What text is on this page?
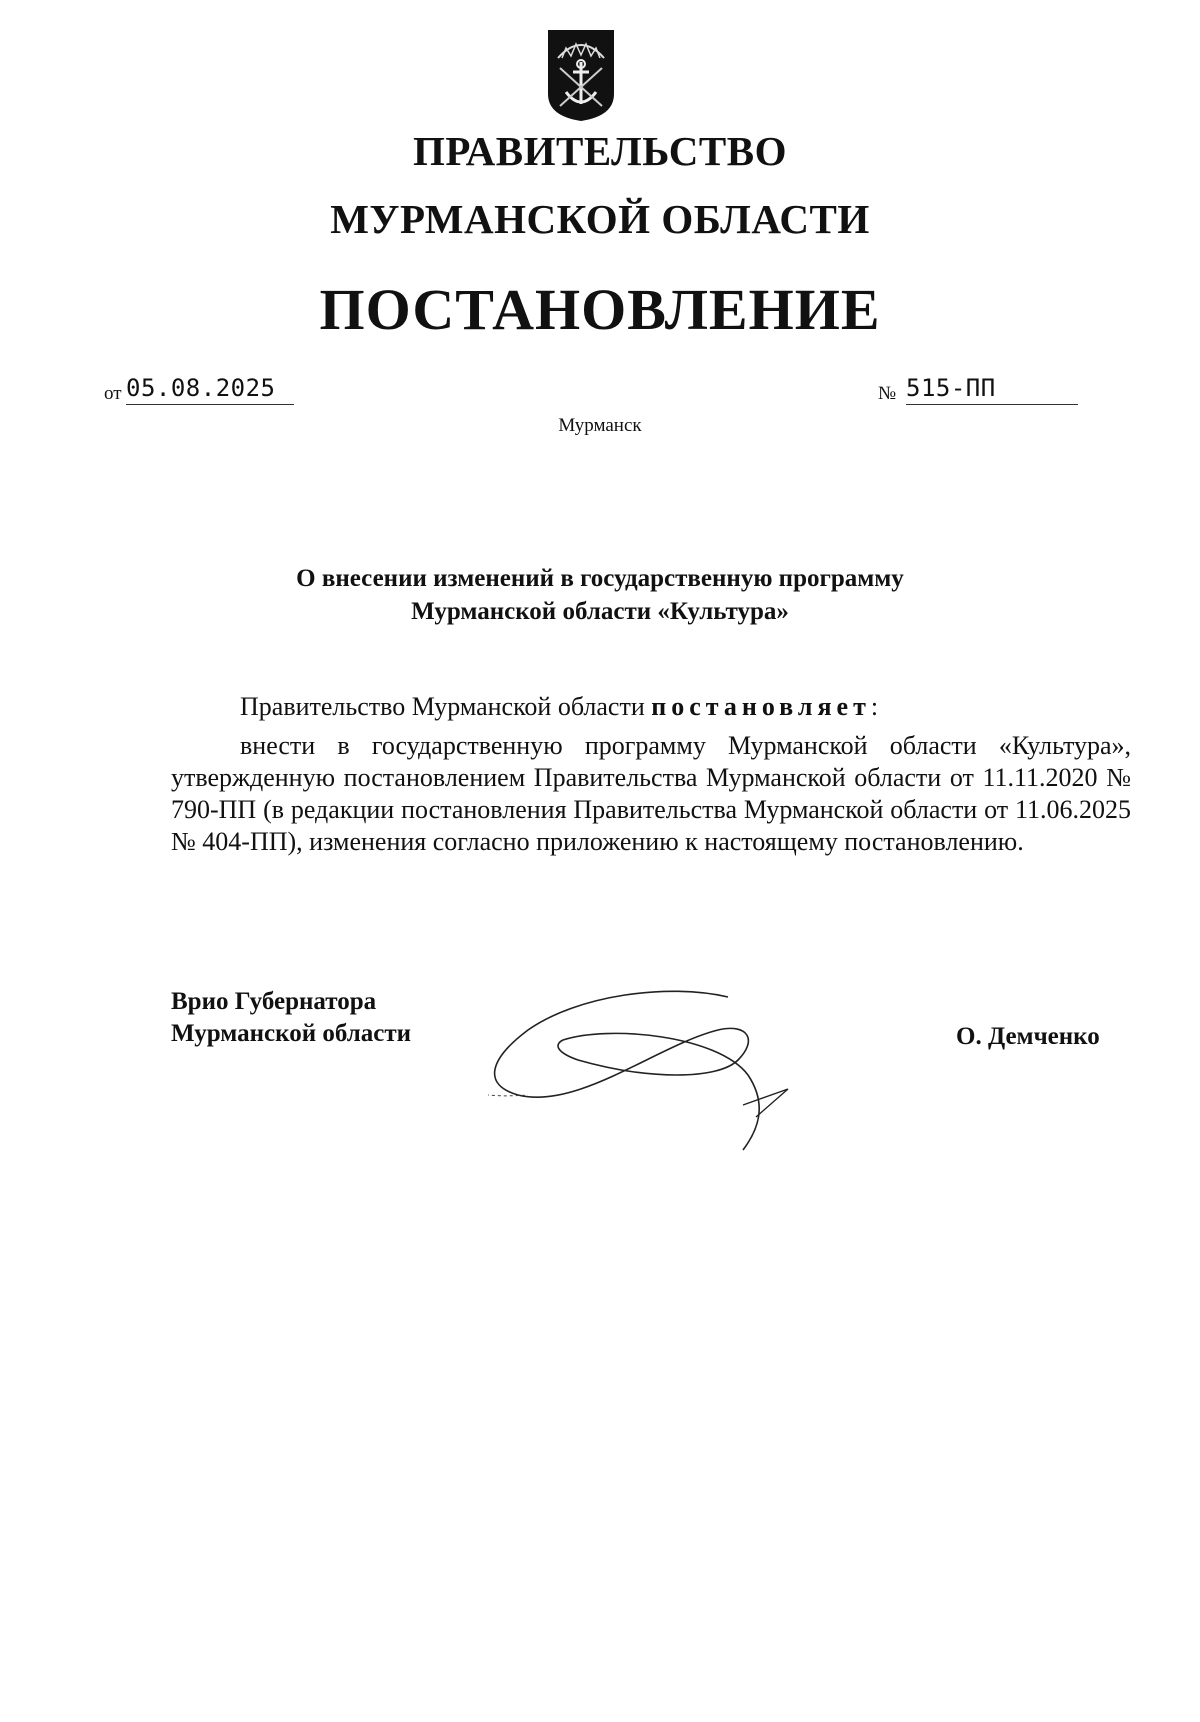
ПРАВИТЕЛЬСТВО
МУРМАНСКОЙ ОБЛАСТИ
ПОСТАНОВЛЕНИЕ
от 05.08.2025	№ 515-ПП
Мурманск
О внесении изменений в государственную программу
Мурманской области «Культура»
Правительство Мурманской области постановляет:
внести в государственную программу Мурманской области «Культура», утвержденную постановлением Правительства Мурманской области от 11.11.2020 № 790-ПП (в редакции постановления Правительства Мурманской области от 11.06.2025 № 404-ПП), изменения согласно приложению к настоящему постановлению.
Врио Губернатора
Мурманской области	О. Демченко
